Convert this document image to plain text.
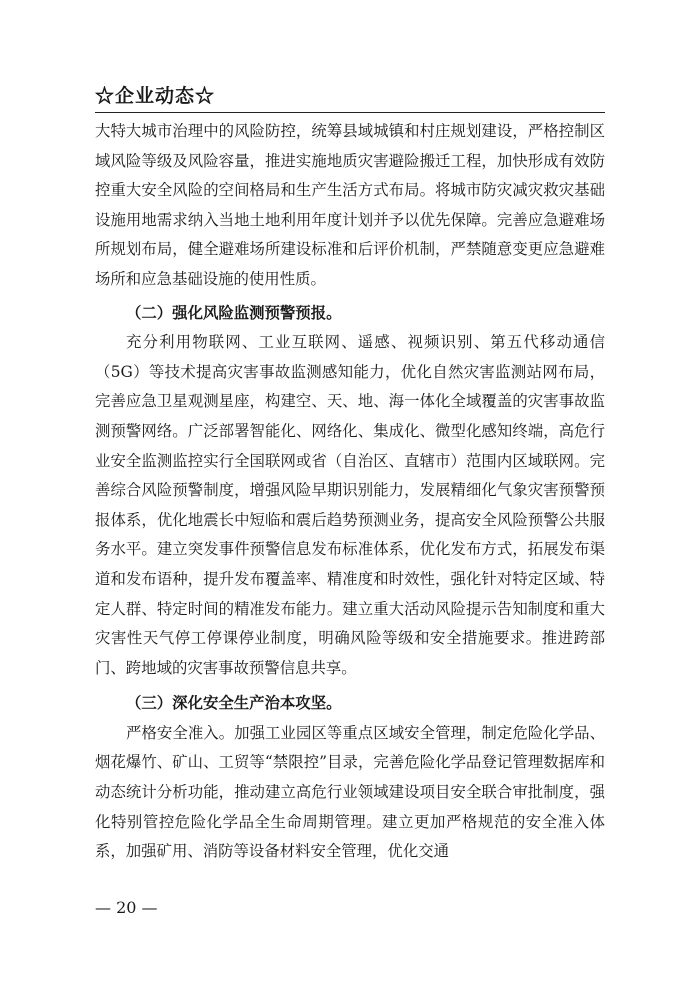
☆企业动态☆

大特大城市治理中的风险防控，统筹县域城镇和村庄规划建设，严格控制区域风险等级及风险容量，推进实施地质灾害避险搬迁工程，加快形成有效防控重大安全风险的空间格局和生产生活方式布局。将城市防灾减灾救灾基础设施用地需求纳入当地土地利用年度计划并予以优先保障。完善应急避难场所规划布局，健全避难场所建设标准和后评价机制，严禁随意变更应急避难场所和应急基础设施的使用性质。

（二）强化风险监测预警预报。

充分利用物联网、工业互联网、遥感、视频识别、第五代移动通信（5G）等技术提高灾害事故监测感知能力，优化自然灾害监测站网布局，完善应急卫星观测星座，构建空、天、地、海一体化全域覆盖的灾害事故监测预警网络。广泛部署智能化、网络化、集成化、微型化感知终端，高危行业安全监测监控实行全国联网或省（自治区、直辖市）范围内区域联网。完善综合风险预警制度，增强风险早期识别能力，发展精细化气象灾害预警预报体系，优化地震长中短临和震后趋势预测业务，提高安全风险预警公共服务水平。建立突发事件预警信息发布标准体系，优化发布方式，拓展发布渠道和发布语种，提升发布覆盖率、精准度和时效性，强化针对特定区域、特定人群、特定时间的精准发布能力。建立重大活动风险提示告知制度和重大灾害性天气停工停课停业制度，明确风险等级和安全措施要求。推进跨部门、跨地域的灾害事故预警信息共享。

（三）深化安全生产治本攻坚。

严格安全准入。加强工业园区等重点区域安全管理，制定危险化学品、烟花爆竹、矿山、工贸等“禁限控”目录，完善危险化学品登记管理数据库和动态统计分析功能，推动建立高危行业领域建设项目安全联合审批制度，强化特别管控危险化学品全生命周期管理。建立更加严格规范的安全准入体系，加强矿用、消防等设备材料安全管理，优化交通

— 20 —
